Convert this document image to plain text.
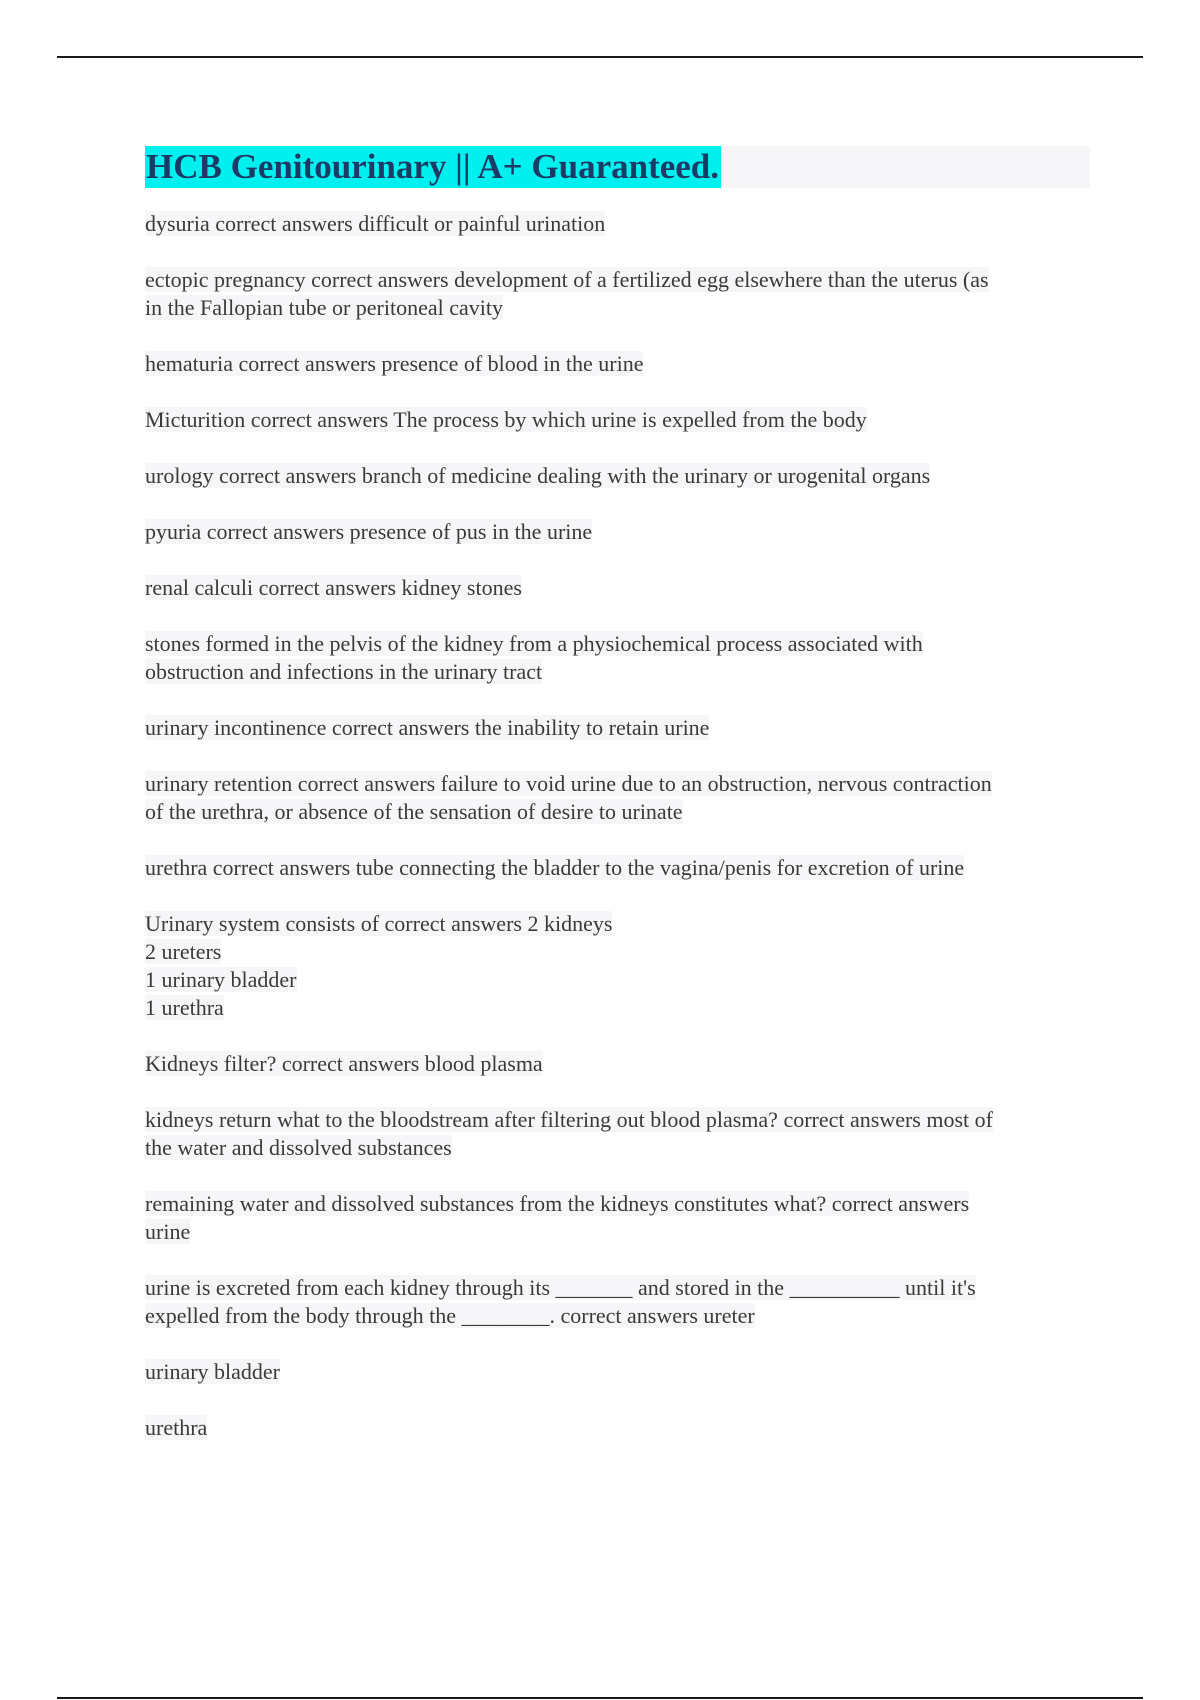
HCB Genitourinary || A+ Guaranteed.

dysuria correct answers difficult or painful urination

ectopic pregnancy correct answers development of a fertilized egg elsewhere than the uterus (as
in the Fallopian tube or peritoneal cavity

hematuria correct answers presence of blood in the urine

Micturition correct answers The process by which urine is expelled from the body

urology correct answers branch of medicine dealing with the urinary or urogenital organs

pyuria correct answers presence of pus in the urine

renal calculi correct answers kidney stones

stones formed in the pelvis of the kidney from a physiochemical process associated with
obstruction and infections in the urinary tract

urinary incontinence correct answers the inability to retain urine

urinary retention correct answers failure to void urine due to an obstruction, nervous contraction
of the urethra, or absence of the sensation of desire to urinate

urethra correct answers tube connecting the bladder to the vagina/penis for excretion of urine

Urinary system consists of correct answers 2 kidneys
2 ureters
1 urinary bladder
1 urethra

Kidneys filter? correct answers blood plasma

kidneys return what to the bloodstream after filtering out blood plasma? correct answers most of
the water and dissolved substances

remaining water and dissolved substances from the kidneys constitutes what? correct answers
urine

urine is excreted from each kidney through its _______ and stored in the __________ until it's
expelled from the body through the ________. correct answers ureter

urinary bladder

urethra
